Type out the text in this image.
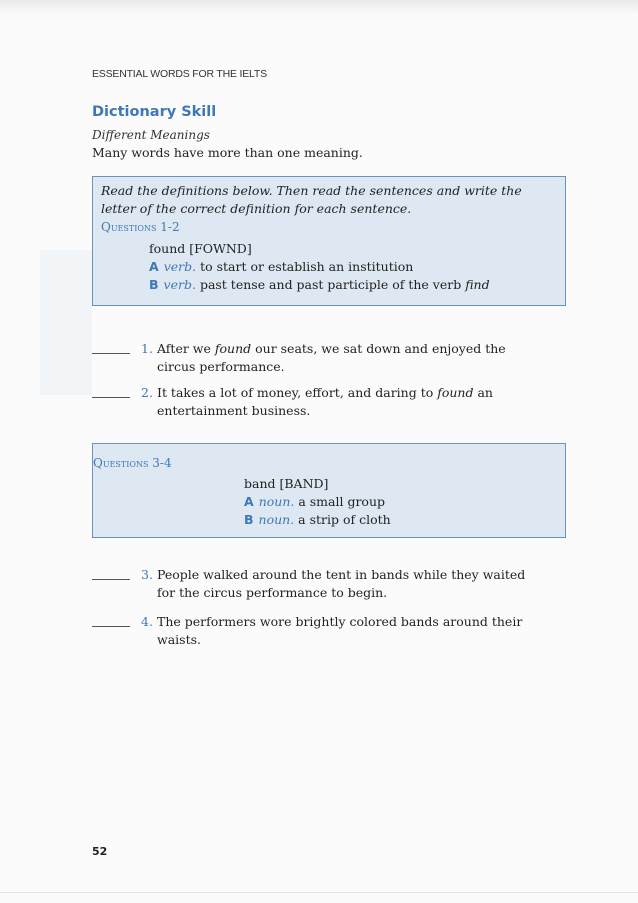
ESSENTIAL WORDS FOR THE IELTS
Dictionary Skill
Different Meanings
Many words have more than one meaning.
Read the definitions below. Then read the sentences and write the letter of the correct definition for each sentence.
Questions 1-2
found [FOWND]
A verb. to start or establish an institution
B verb. past tense and past participle of the verb find
1. After we found our seats, we sat down and enjoyed the
circus performance.
2. It takes a lot of money, effort, and daring to found an
entertainment business.
Questions 3-4
band [BAND]
A noun. a small group
B noun. a strip of cloth
3. People walked around the tent in bands while they waited
for the circus performance to begin.
4. The performers wore brightly colored bands around their
waists.
52
